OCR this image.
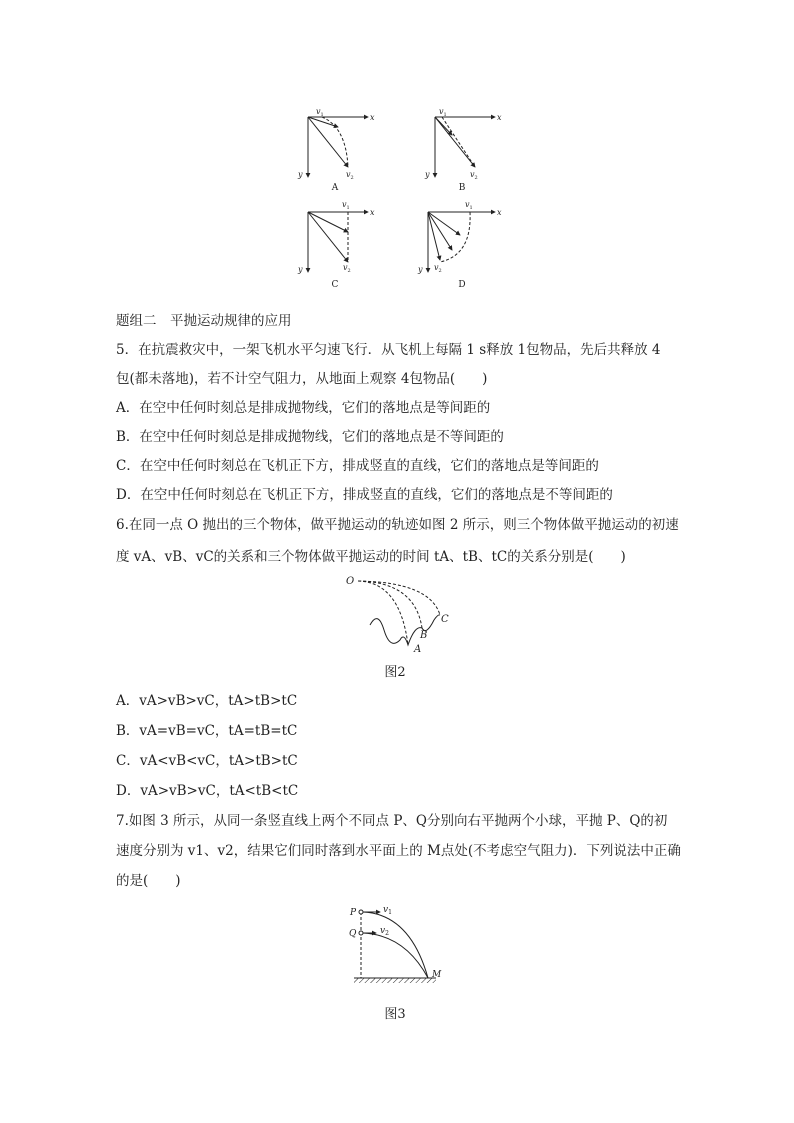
$v_1$	x
y	$v_2$
$v_1$	x
y	$v_2$
$v_1$	x
y	$v_2$
$v_1$	x
y $v_2$
A	B
C	D
题组二　平抛运动规律的应用
5．在抗震救灾中，一架飞机水平匀速飞行．从飞机上每隔 1 s释放 1包物品，先后共释放 4
包(都未落地)，若不计空气阻力，从地面上观察 4包物品(　　)
A．在空中任何时刻总是排成抛物线，它们的落地点是等间距的
B．在空中任何时刻总是排成抛物线，它们的落地点是不等间距的
C．在空中任何时刻总在飞机正下方，排成竖直的直线，它们的落地点是等间距的
D．在空中任何时刻总在飞机正下方，排成竖直的直线，它们的落地点是不等间距的
6.在同一点 O 抛出的三个物体，做平抛运动的轨迹如图 2 所示，则三个物体做平抛运动的初速
度 vA、vB、vC的关系和三个物体做平抛运动的时间 tA、tB、tC的关系分别是(　　)
O
A
B
C
图2
A．vA>vB>vC，tA>tB>tC
B．vA=vB=vC，tA=tB=tC
C．vA<vB<vC，tA>tB>tC
D．vA>vB>vC，tA<tB<tC
7.如图 3 所示，从同一条竖直线上两个不同点 P、Q分别向右平抛两个小球，平抛 P、Q的初
速度分别为 v1、v2，结果它们同时落到水平面上的 M点处(不考虑空气阻力)．下列说法中正确
的是(　　)
P
Q
M
$v_1$
$v_2$
图3
